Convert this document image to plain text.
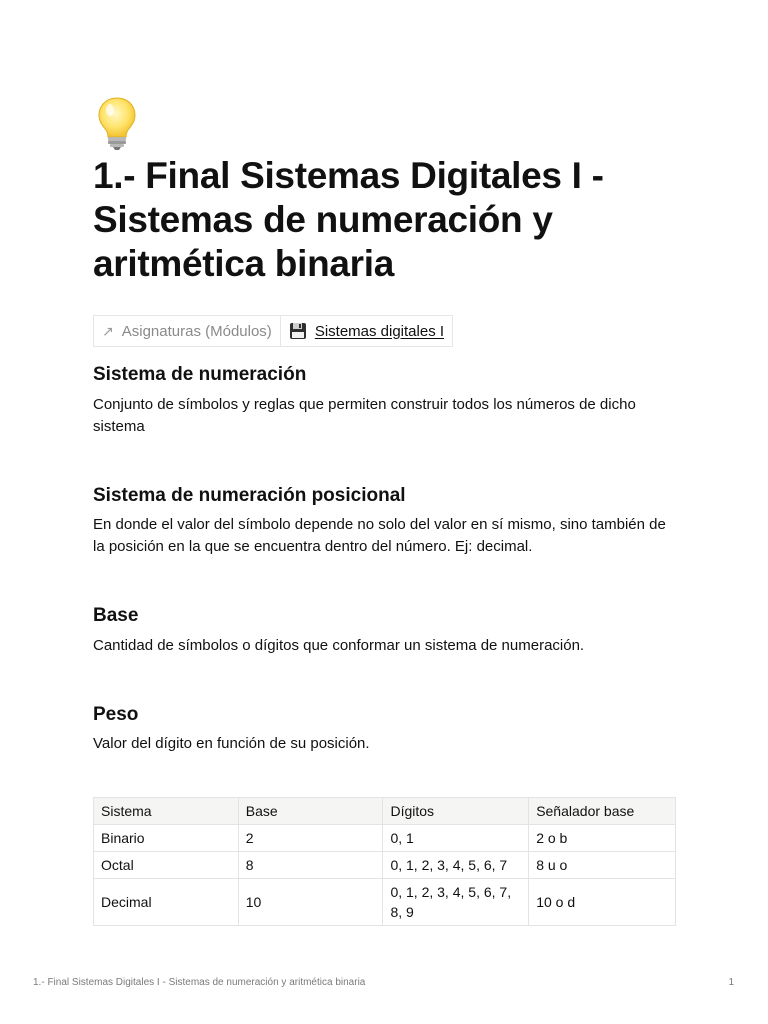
1.- Final Sistemas Digitales I - Sistemas de numeración y aritmética binaria
↗ Asignaturas (Módulos)	Sistemas digitales I
Sistema de numeración

Conjunto de símbolos y reglas que permiten construir todos los números de dicho sistema

Sistema de numeración posicional

En donde el valor del símbolo depende no solo del valor en sí mismo, sino también de la posición en la que se encuentra dentro del número. Ej: decimal.

Base

Cantidad de símbolos o dígitos que conformar un sistema de numeración.

Peso

Valor del dígito en función de su posición.

Sistema	Base	Dígitos	Señalador base
Binario	2	0, 1	2 o b
Octal	8	0, 1, 2, 3, 4, 5, 6, 7	8 u o
Decimal	10	0, 1, 2, 3, 4, 5, 6, 7, 8, 9	10 o d
1.- Final Sistemas Digitales I - Sistemas de numeración y aritmética binaria	1
